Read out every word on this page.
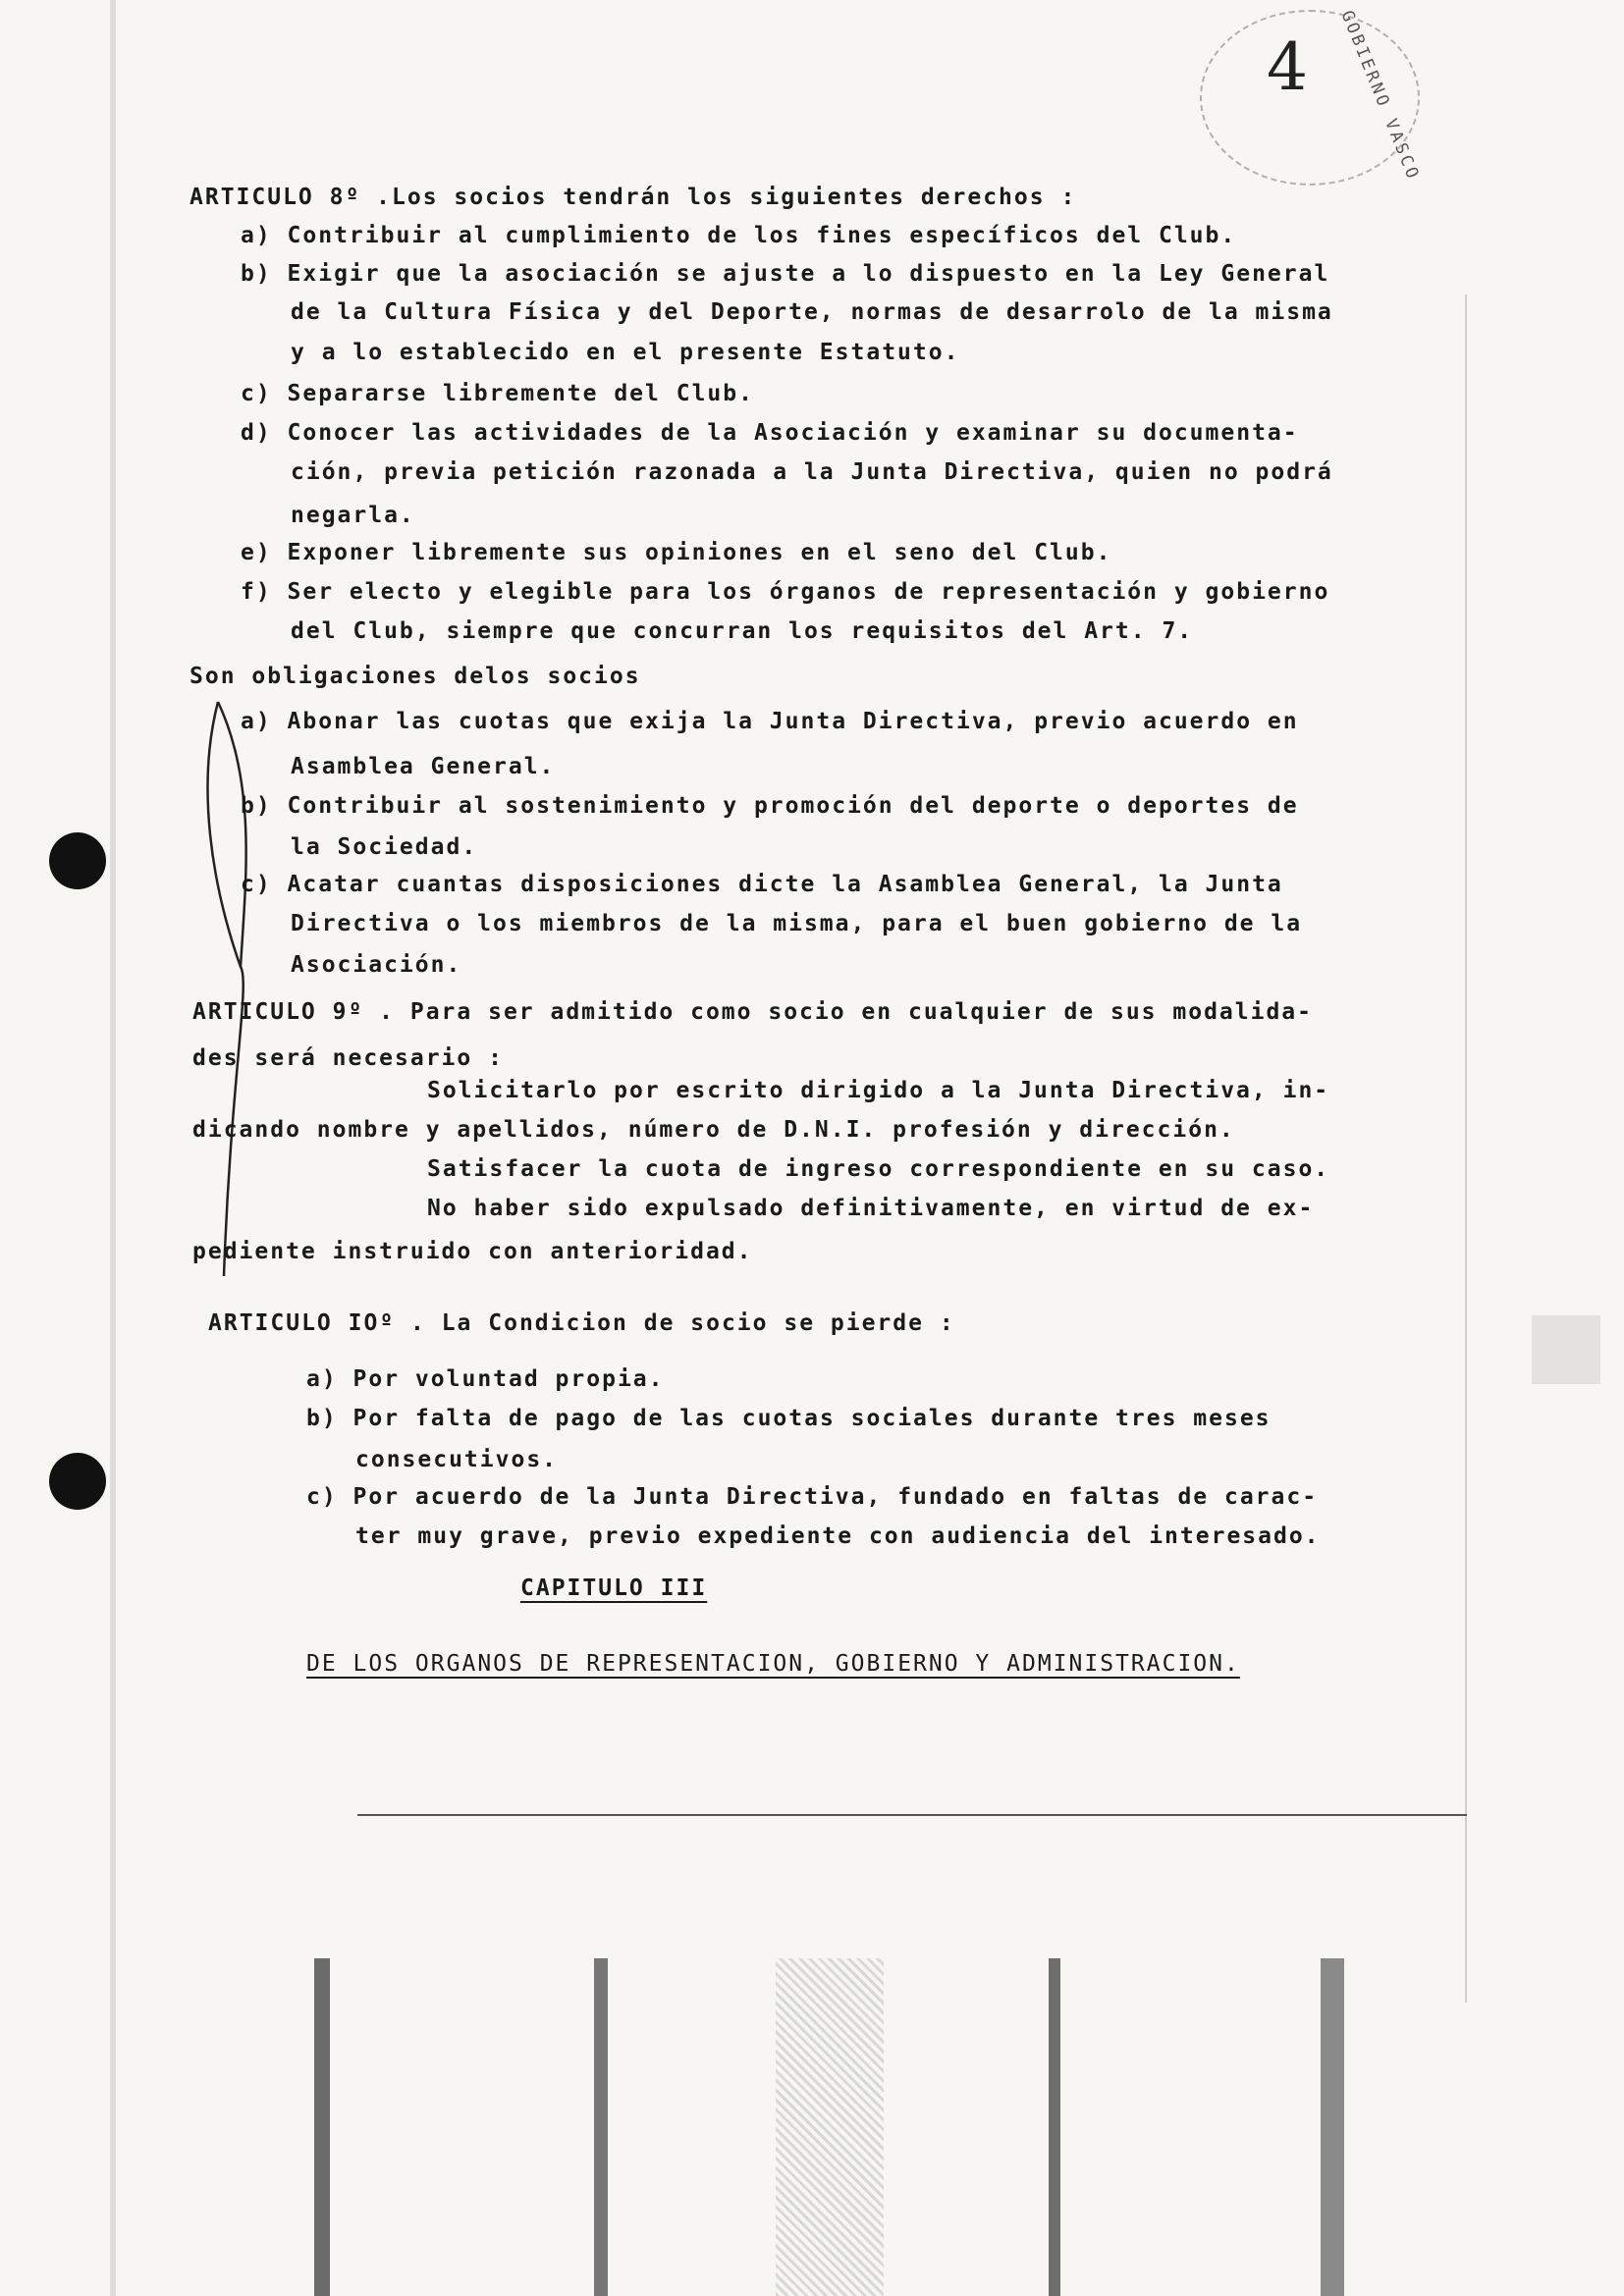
4 GOBIERNO VASCO
ARTICULO 8º .Los socios tendrán los siguientes derechos :
a) Contribuir al cumplimiento de los fines específicos del Club.
b) Exigir que la asociación se ajuste a lo dispuesto en la Ley General
de la Cultura Física y del Deporte, normas de desarrolo de la misma
y a lo establecido en el presente Estatuto.
c) Separarse libremente del Club.
d) Conocer las actividades de la Asociación y examinar su documenta-
ción, previa petición razonada a la Junta Directiva, quien no podrá
negarla.
e) Exponer libremente sus opiniones en el seno del Club.
f) Ser electo y elegible para los órganos de representación y gobierno
del Club, siempre que concurran los requisitos del Art. 7.
Son obligaciones delos socios
a) Abonar las cuotas que exija la Junta Directiva, previo acuerdo en
Asamblea General.
b) Contribuir al sostenimiento y promoción del deporte o deportes de
la Sociedad.
c) Acatar cuantas disposiciones dicte la Asamblea General, la Junta
Directiva o los miembros de la misma, para el buen gobierno de la
Asociación.
ARTICULO 9º . Para ser admitido como socio en cualquier de sus modalida-
des será necesario :
Solicitarlo por escrito dirigido a la Junta Directiva, in-
dicando nombre y apellidos, número de D.N.I. profesión y dirección.
Satisfacer la cuota de ingreso correspondiente en su caso.
No haber sido expulsado definitivamente, en virtud de ex-
pediente instruido con anterioridad.
ARTICULO IOº . La Condicion de socio se pierde :
a) Por voluntad propia.
b) Por falta de pago de las cuotas sociales durante tres meses
consecutivos.
c) Por acuerdo de la Junta Directiva, fundado en faltas de carac-
ter muy grave, previo expediente con audiencia del interesado.
CAPITULO III
DE LOS ORGANOS DE REPRESENTACION, GOBIERNO Y ADMINISTRACION.
